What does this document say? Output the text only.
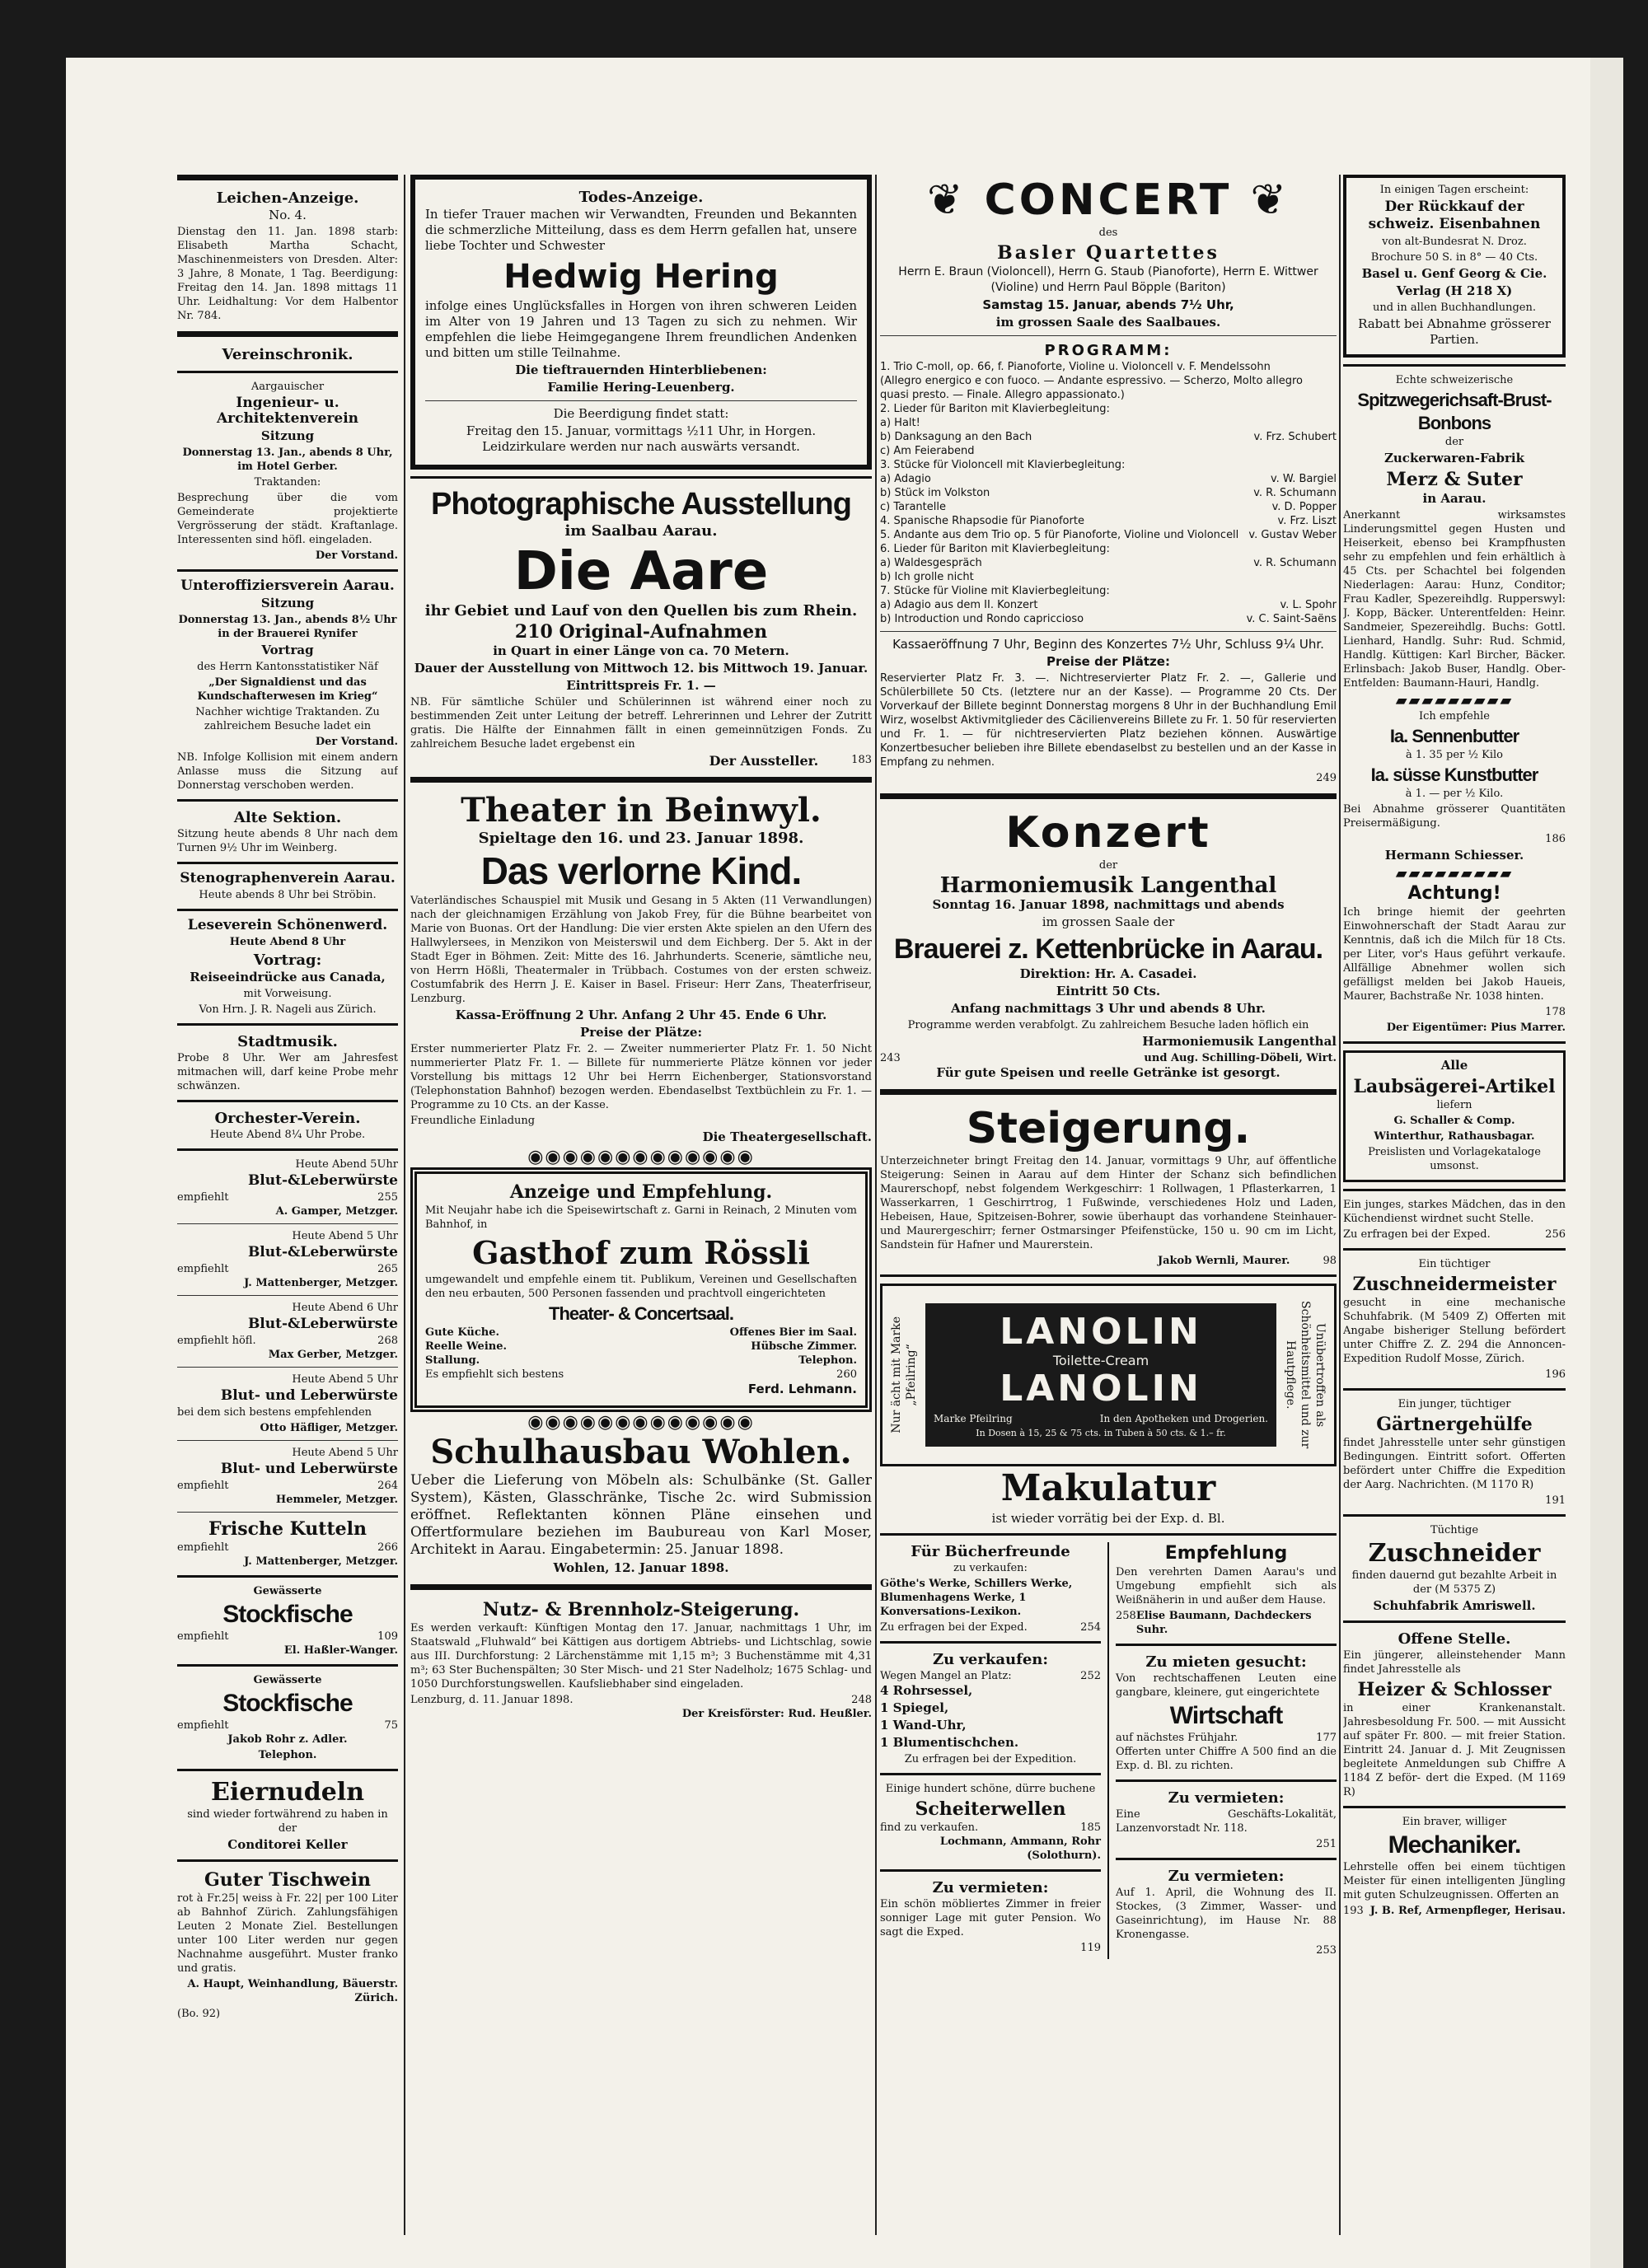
Leichen-Anzeige.

No. 4.

Dienstag den 11. Jan. 1898 starb: Elisabeth Martha Schacht, Maschinenmeisters von Dresden. Alter: 3 Jahre, 8 Monate, 1 Tag. Beerdigung: Freitag den 14. Jan. 1898 mittags 11 Uhr. Leidhaltung: Vor dem Halbentor Nr. 784.

Vereinschronik.

Aargauischer

Ingenieur- u. Architektenverein

Sitzung

Donnerstag 13. Jan., abends 8 Uhr, im Hotel Gerber.

Traktanden:

Besprechung über die vom Gemeinderate projektierte Vergrösserung der städt. Kraftanlage. Interessenten sind höfl. eingeladen.

Der Vorstand.

Unteroffiziersverein Aarau.

Sitzung

Donnerstag 13. Jan., abends 8½ Uhr in der Brauerei Rynifer

Vortrag

des Herrn Kantonsstatistiker Näf

„Der Signaldienst und das Kundschafterwesen im Krieg“

Nachher wichtige Traktanden. Zu zahlreichem Besuche ladet ein

Der Vorstand.

NB. Infolge Kollision mit einem andern Anlasse muss die Sitzung auf Donnerstag verschoben werden.

Alte Sektion.

Sitzung heute abends 8 Uhr nach dem Turnen 9½ Uhr im Weinberg.

Stenographenverein Aarau.

Heute abends 8 Uhr bei Ströbin.

Leseverein Schönenwerd.

Heute Abend 8 Uhr

Vortrag:

Reiseeindrücke aus Canada,

mit Vorweisung.

Von Hrn. J. R. Nageli aus Zürich.

Stadtmusik.

Probe 8 Uhr. Wer am Jahresfest mitmachen will, darf keine Probe mehr schwänzen.

Orchester-Verein.

Heute Abend 8¼ Uhr Probe.

Heute Abend 5Uhr

Blut-&Leberwürste

empfiehlt	255

A. Gamper, Metzger.

Heute Abend 5 Uhr

Blut-&Leberwürste

empfiehlt	265

J. Mattenberger, Metzger.

Heute Abend 6 Uhr

Blut-&Leberwürste

empfiehlt höfl.	268

Max Gerber, Metzger.

Heute Abend 5 Uhr

Blut- und Leberwürste

bei dem sich bestens empfehlenden

Otto Häfliger, Metzger.

Heute Abend 5 Uhr

Blut- und Leberwürste

empfiehlt	264

Hemmeler, Metzger.

Frische Kutteln

empfiehlt	266

J. Mattenberger, Metzger.

Gewässerte

Stockfische

empfiehlt	109

El. Haßler-Wanger.

Gewässerte

Stockfische

empfiehlt	75

Jakob Rohr z. Adler.

Telephon.

Eiernudeln

sind wieder fortwährend zu haben in der

Conditorei Keller

Guter Tischwein

rot à Fr.25| weiss à Fr. 22| per 100 Liter ab Bahnhof Zürich. Zahlungsfähigen Leuten 2 Monate Ziel. Bestellungen unter 100 Liter werden nur gegen Nachnahme ausgeführt. Muster franko und gratis.

A. Haupt, Weinhandlung, Bäuerstr. Zürich.

(Bo. 92)

Todes-Anzeige.

In tiefer Trauer machen wir Verwandten, Freunden und Bekannten die schmerzliche Mitteilung, dass es dem Herrn gefallen hat, unsere liebe Tochter und Schwester

Hedwig Hering

infolge eines Unglücksfalles in Horgen von ihren schweren Leiden im Alter von 19 Jahren und 13 Tagen zu sich zu nehmen. Wir empfehlen die liebe Heimgegangene Ihrem freundlichen Andenken und bitten um stille Teilnahme.

Die tieftrauernden Hinterbliebenen:

Familie Hering-Leuenberg.

Die Beerdigung findet statt:

Freitag den 15. Januar, vormittags ½11 Uhr, in Horgen. Leidzirkulare werden nur nach auswärts versandt.

Photographische Ausstellung

im Saalbau Aarau.

Die Aare

ihr Gebiet und Lauf von den Quellen bis zum Rhein.

210 Original-Aufnahmen

in Quart in einer Länge von ca. 70 Metern.

Dauer der Ausstellung von Mittwoch 12. bis Mittwoch 19. Januar.

Eintrittspreis Fr. 1. —

NB. Für sämtliche Schüler und Schülerinnen ist während einer noch zu bestimmenden Zeit unter Leitung der betreff. Lehrerinnen und Lehrer der Zutritt gratis. Die Hälfte der Einnahmen fällt in einen gemeinnützigen Fonds. Zu zahlreichem Besuche ladet ergebenst ein

Der Aussteller.	183

Theater in Beinwyl.

Spieltage den 16. und 23. Januar 1898.

Das verlorne Kind.

Vaterländisches Schauspiel mit Musik und Gesang in 5 Akten (11 Verwandlungen) nach der gleichnamigen Erzählung von Jakob Frey, für die Bühne bearbeitet von Marie von Buonas. Ort der Handlung: Die vier ersten Akte spielen an den Ufern des Hallwylersees, in Menzikon von Meisterswil und dem Eichberg. Der 5. Akt in der Stadt Eger in Böhmen. Zeit: Mitte des 16. Jahrhunderts. Scenerie, sämtliche neu, von Herrn Hößli, Theatermaler in Trübbach. Costumes von der ersten schweiz. Costumfabrik des Herrn J. E. Kaiser in Basel. Friseur: Herr Zans, Theaterfriseur, Lenzburg.

Kassa-Eröffnung 2 Uhr. Anfang 2 Uhr 45. Ende 6 Uhr.

Preise der Plätze:

Erster nummerierter Platz Fr. 2. — Zweiter nummerierter Platz Fr. 1. 50 Nicht nummerierter Platz Fr. 1. — Billete für nummerierte Plätze können vor jeder Vorstellung bis mittags 12 Uhr bei Herrn Eichenberger, Stationsvorstand (Telephonstation Bahnhof) bezogen werden. Ebendaselbst Textbüchlein zu Fr. 1. — Programme zu 10 Cts. an der Kasse.

Freundliche Einladung

Die Theatergesellschaft.

◉◉◉◉◉◉◉◉◉◉◉◉◉

Anzeige und Empfehlung.

Mit Neujahr habe ich die Speisewirtschaft z. Garni in Reinach, 2 Minuten vom Bahnhof, in

Gasthof zum Rössli

umgewandelt und empfehle einem tit. Publikum, Vereinen und Gesellschaften den neu erbauten, 500 Personen fassenden und prachtvoll eingerichteten

Theater- & Concertsaal.

Gute Küche.	Offenes Bier im Saal.
Reelle Weine.	Hübsche Zimmer.
Stallung.	Telephon.
Es empfiehlt sich bestens	260

Ferd. Lehmann.

◉◉◉◉◉◉◉◉◉◉◉◉◉

Schulhausbau Wohlen.

Ueber die Lieferung von Möbeln als: Schulbänke (St. Galler System), Kästen, Glasschränke, Tische 2c. wird Submission eröffnet. Reflektanten können Pläne einsehen und Offertformulare beziehen im Baubureau von Karl Moser, Architekt in Aarau. Eingabetermin: 25. Januar 1898.

Wohlen, 12. Januar 1898.

Nutz- & Brennholz-Steigerung.

Es werden verkauft: Künftigen Montag den 17. Januar, nachmittags 1 Uhr, im Staatswald „Fluhwald“ bei Kättigen aus dortigem Abtriebs- und Lichtschlag, sowie aus III. Durchforstung: 2 Lärchenstämme mit 1,15 m³; 3 Buchenstämme mit 4,31 m³; 63 Ster Buchenspälten; 30 Ster Misch- und 21 Ster Nadelholz; 1675 Schlag- und 1050 Durchforstungswellen. Kaufsliebhaber sind eingeladen.

Lenzburg, d. 11. Januar 1898.	248

Der Kreisförster: Rud. Heußler.

❦ CONCERT ❦

des

Basler Quartettes

Herrn E. Braun (Violoncell), Herrn G. Staub (Pianoforte), Herrn E. Wittwer (Violine) und Herrn Paul Böpple (Bariton)

Samstag 15. Januar, abends 7½ Uhr,

im grossen Saale des Saalbaues.

PROGRAMM:

1. Trio C-moll, op. 66, f. Pianoforte, Violine u. Violoncell v. F. Mendelssohn
(Allegro energico e con fuoco. — Andante espressivo. — Scherzo, Molto allegro quasi presto. — Finale. Allegro appassionato.)
2. Lieder für Bariton mit Klavierbegleitung:
a) Halt!
b) Danksagung an den Bach	v. Frz. Schubert
c) Am Feierabend
3. Stücke für Violoncell mit Klavierbegleitung:
a) Adagio	v. W. Bargiel
b) Stück im Volkston	v. R. Schumann
c) Tarantelle	v. D. Popper
4. Spanische Rhapsodie für Pianoforte	v. Frz. Liszt
5. Andante aus dem Trio op. 5 für Pianoforte, Violine und Violoncell v. Gustav Weber
6. Lieder für Bariton mit Klavierbegleitung:
a) Waldesgespräch	v. R. Schumann
b) Ich grolle nicht
7. Stücke für Violine mit Klavierbegleitung:
a) Adagio aus dem II. Konzert	v. L. Spohr
b) Introduction und Rondo capriccioso	v. C. Saint-Saëns

Kassaeröffnung 7 Uhr, Beginn des Konzertes 7½ Uhr, Schluss 9¼ Uhr.

Preise der Plätze:

Reservierter Platz Fr. 3. —. Nichtreservierter Platz Fr. 2. —, Gallerie und Schülerbillete 50 Cts. (letztere nur an der Kasse). — Programme 20 Cts. Der Vorverkauf der Billete beginnt Donnerstag morgens 8 Uhr in der Buchhandlung Emil Wirz, woselbst Aktivmitglieder des Cäcilienvereins Billete zu Fr. 1. 50 für reservierten und Fr. 1. — für nichtreservierten Platz beziehen können. Auswärtige Konzertbesucher belieben ihre Billete ebendaselbst zu bestellen und an der Kasse in Empfang zu nehmen.

249

Konzert

der

Harmoniemusik Langenthal

Sonntag 16. Januar 1898, nachmittags und abends

im grossen Saale der

Brauerei z. Kettenbrücke in Aarau.

Direktion: Hr. A. Casadei.

Eintritt 50 Cts.

Anfang nachmittags 3 Uhr und abends 8 Uhr.

Programme werden verabfolgt. Zu zahlreichem Besuche laden höflich ein

Harmoniemusik Langenthal

243	und Aug. Schilling-Döbeli, Wirt.

Für gute Speisen und reelle Getränke ist gesorgt.

Steigerung.

Unterzeichneter bringt Freitag den 14. Januar, vormittags 9 Uhr, auf öffentliche Steigerung: Seinen in Aarau auf dem Hinter der Schanz sich befindlichen Maurerschopf, nebst folgendem Werkgeschirr: 1 Rollwagen, 1 Pflasterkarren, 1 Wasserkarren, 1 Geschirrtrog, 1 Fußwinde, verschiedenes Holz und Laden, Hebeisen, Haue, Spitzeisen-Bohrer, sowie überhaupt das vorhandene Steinhauer- und Maurergeschirr; ferner Ostmarsinger Pfeifenstücke, 150 u. 90 cm im Licht, Sandstein für Hafner und Maurerstein.

Jakob Wernli, Maurer.	98
Nur ächt mit Marke „Pfeilring“

LANOLIN

Toilette-Cream

LANOLIN

Marke Pfeilring	In den Apotheken und Drogerien.

In Dosen à 15, 25 & 75 cts. in Tuben à 50 cts. & 1.– fr.

Unübertroffen als Schönheitsmittel und zur Hautpflege.

Makulatur

ist wieder vorrätig bei der Exp. d. Bl.

Für Bücherfreunde

zu verkaufen:

Göthe's Werke, Schillers Werke, Blumenhagens Werke, 1 Konversations-Lexikon.

Zu erfragen bei der Exped.	254

Zu verkaufen:

Wegen Mangel an Platz:	252

4 Rohrsessel,

1 Spiegel,

1 Wand-Uhr,

1 Blumentischchen.

Zu erfragen bei der Expedition.

Einige hundert schöne, dürre buchene

Scheiterwellen

find zu verkaufen.	185

Lochmann, Ammann, Rohr (Solothurn).

Zu vermieten:

Ein schön möbliertes Zimmer in freier sonniger Lage mit guter Pension. Wo sagt die Exped.

119

Empfehlung

Den verehrten Damen Aarau's und Umgebung empfiehlt sich als Weißnäherin in und außer dem Hause.

258 Elise Baumann, Dachdeckers Suhr.

Zu mieten gesucht:

Von rechtschaffenen Leuten eine gangbare, kleinere, gut eingerichtete

Wirtschaft

auf nächstes Frühjahr.	177

Offerten unter Chiffre A 500 find an die Exp. d. Bl. zu richten.

Zu vermieten:

Eine Geschäfts-Lokalität, Lanzenvorstadt Nr. 118.

251

Zu vermieten:

Auf 1. April, die Wohnung des II. Stockes, (3 Zimmer, Wasser- und Gaseinrichtung), im Hause Nr. 88 Kronengasse.

253

In einigen Tagen erscheint:

Der Rückkauf der schweiz. Eisenbahnen

von alt-Bundesrat N. Droz.

Brochure 50 S. in 8° — 40 Cts.

Basel u. Genf Georg & Cie.

Verlag (H 218 X)

und in allen Buchhandlungen.

Rabatt bei Abnahme grösserer Partien.

Echte schweizerische

Spitzwegerichsaft-Brust-Bonbons

der

Zuckerwaren-Fabrik

Merz & Suter

in Aarau.

Anerkannt wirksamstes Linderungsmittel gegen Husten und Heiserkeit, ebenso bei Krampfhusten sehr zu empfehlen und fein erhältlich à 45 Cts. per Schachtel bei folgenden Niederlagen: Aarau: Hunz, Conditor; Frau Kadler, Spezereihdlg. Rupperswyl: J. Kopp, Bäcker. Unterentfelden: Heinr. Sandmeier, Spezereihdlg. Buchs: Gottl. Lienhard, Handlg. Suhr: Rud. Schmid, Handlg. Küttigen: Karl Bircher, Bäcker. Erlinsbach: Jakob Buser, Handlg. Ober-Entfelden: Baumann-Hauri, Handlg.

▰▰▰▰▰▰▰▰▰

Ich empfehle

Ia. Sennenbutter

à 1. 35 per ½ Kilo

Ia. süsse Kunstbutter

à 1. — per ½ Kilo.

Bei Abnahme grösserer Quantitäten Preisermäßigung.

186

Hermann Schiesser.

▰▰▰▰▰▰▰▰▰

Achtung!

Ich bringe hiemit der geehrten Einwohnerschaft der Stadt Aarau zur Kenntnis, daß ich die Milch für 18 Cts. per Liter, vor's Haus geführt verkaufe. Allfällige Abnehmer wollen sich gefälligst melden bei Jakob Haueis, Maurer, Bachstraße Nr. 1038 hinten.

178

Der Eigentümer: Pius Marrer.

Alle

Laubsägerei-Artikel

liefern

G. Schaller & Comp.

Winterthur, Rathausbagar.

Preislisten und Vorlagekataloge umsonst.

Ein junges, starkes Mädchen, das in den Küchendienst wirdnet sucht Stelle.

Zu erfragen bei der Exped.	256

Ein tüchtiger

Zuschneidermeister

gesucht in eine mechanische Schuhfabrik. (M 5409 Z) Offerten mit Angabe bisheriger Stellung befördert unter Chiffre Z. Z. 294 die Annoncen-Expedition Rudolf Mosse, Zürich.

196

Ein junger, tüchtiger

Gärtnergehülfe

findet Jahresstelle unter sehr günstigen Bedingungen. Eintritt sofort. Offerten befördert unter Chiffre die Expedition der Aarg. Nachrichten. (M 1170 R)

191

Tüchtige

Zuschneider

finden dauernd gut bezahlte Arbeit in der (M 5375 Z)

Schuhfabrik Amriswell.

Offene Stelle.

Ein jüngerer, alleinstehender Mann findet Jahresstelle als

Heizer & Schlosser

in einer Krankenanstalt. Jahresbesoldung Fr. 500. — mit Aussicht auf später Fr. 800. — mit freier Station. Eintritt 24. Januar d. J. Mit Zeugnissen begleitete Anmeldungen sub Chiffre A 1184 Z beför- dert die Exped. (M 1169 R)

Ein braver, williger

Mechaniker.

Lehrstelle offen bei einem tüchtigen Meister für einen intelligenten Jüngling mit guten Schulzeugnissen. Offerten an

193 J. B. Ref, Armenpfleger, Herisau.
